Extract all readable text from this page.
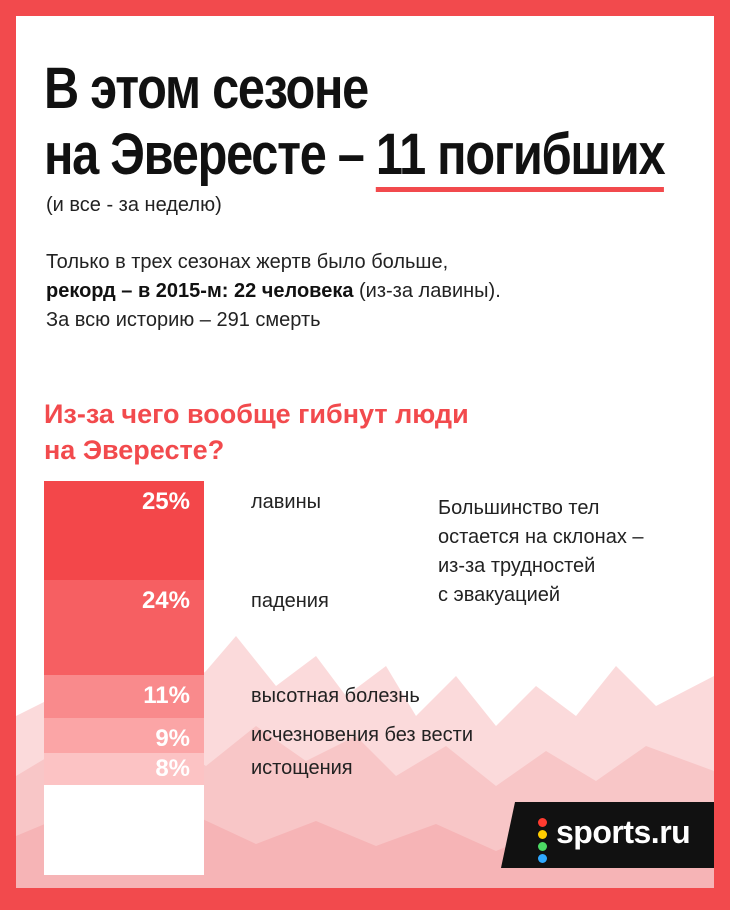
В этом сезоне
на Эвересте – 11 погибших
(и все - за неделю)
Только в трех сезонах жертв было больше,
рекорд – в 2015-м: 22 человека (из-за лавины).
За всю историю – 291 смерть
Из-за чего вообще гибнут люди
на Эвересте?
25%	лавины
24%	падения
11%	высотная болезнь
9%	исчезновения без вести
8%	истощения
Большинство тел
остается на склонах –
из-за трудностей
с эвакуацией
sports.ru
